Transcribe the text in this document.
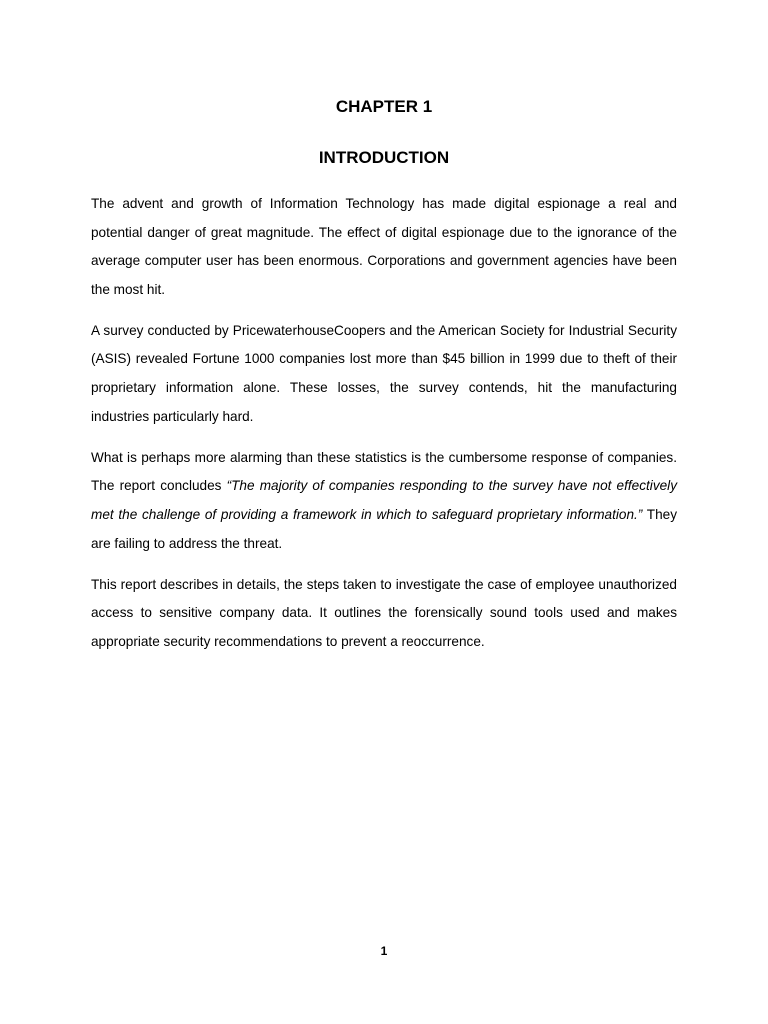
CHAPTER 1
INTRODUCTION

The advent and growth of Information Technology has made digital espionage a real and potential danger of great magnitude. The effect of digital espionage due to the ignorance of the average computer user has been enormous. Corporations and government agencies have been the most hit.

A survey conducted by PricewaterhouseCoopers and the American Society for Industrial Security (ASIS) revealed Fortune 1000 companies lost more than $45 billion in 1999 due to theft of their proprietary information alone. These losses, the survey contends, hit the manufacturing industries particularly hard.

What is perhaps more alarming than these statistics is the cumbersome response of companies. The report concludes “The majority of companies responding to the survey have not effectively met the challenge of providing a framework in which to safeguard proprietary information.” They are failing to address the threat.

This report describes in details, the steps taken to investigate the case of employee unauthorized access to sensitive company data. It outlines the forensically sound tools used and makes appropriate security recommendations to prevent a reoccurrence.

1
